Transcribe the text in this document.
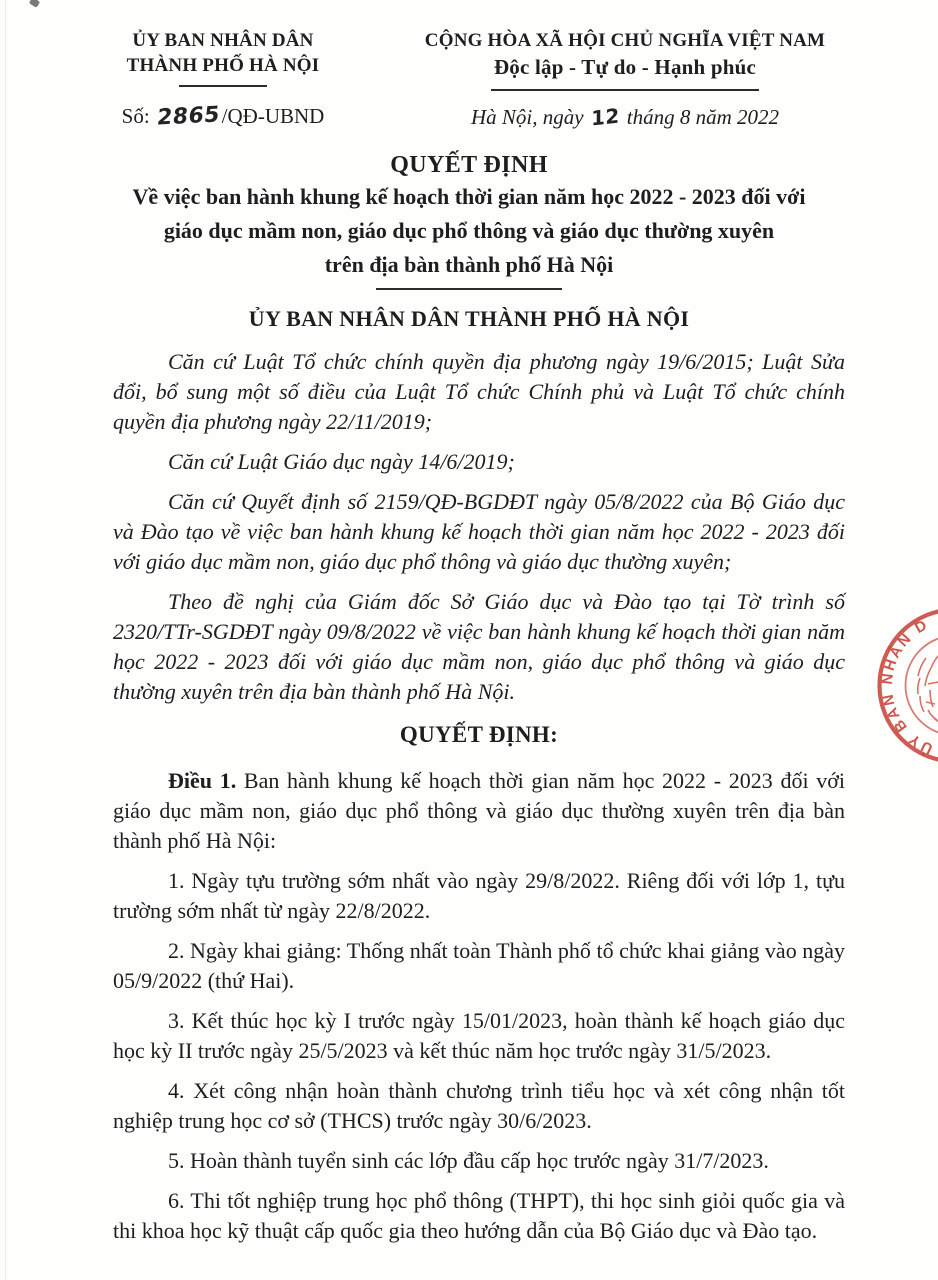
ỦY BAN NHÂN DÂN
THÀNH PHỐ HÀ NỘI
Số: 2865/QĐ-UBND
CỘNG HÒA XÃ HỘI CHỦ NGHĨA VIỆT NAM
Độc lập - Tự do - Hạnh phúc
Hà Nội, ngày 12 tháng 8 năm 2022
QUYẾT ĐỊNH
Về việc ban hành khung kế hoạch thời gian năm học 2022 - 2023 đối với
giáo dục mầm non, giáo dục phổ thông và giáo dục thường xuyên
trên địa bàn thành phố Hà Nội
ỦY BAN NHÂN DÂN THÀNH PHỐ HÀ NỘI

Căn cứ Luật Tổ chức chính quyền địa phương ngày 19/6/2015; Luật Sửa đổi, bổ sung một số điều của Luật Tổ chức Chính phủ và Luật Tổ chức chính quyền địa phương ngày 22/11/2019;

Căn cứ Luật Giáo dục ngày 14/6/2019;

Căn cứ Quyết định số 2159/QĐ-BGDĐT ngày 05/8/2022 của Bộ Giáo dục và Đào tạo về việc ban hành khung kế hoạch thời gian năm học 2022 - 2023 đối với giáo dục mầm non, giáo dục phổ thông và giáo dục thường xuyên;

Theo đề nghị của Giám đốc Sở Giáo dục và Đào tạo tại Tờ trình số 2320/TTr-SGDĐT ngày 09/8/2022 về việc ban hành khung kế hoạch thời gian năm học 2022 - 2023 đối với giáo dục mầm non, giáo dục phổ thông và giáo dục thường xuyên trên địa bàn thành phố Hà Nội.

QUYẾT ĐỊNH:

Điều 1. Ban hành khung kế hoạch thời gian năm học 2022 - 2023 đối với giáo dục mầm non, giáo dục phổ thông và giáo dục thường xuyên trên địa bàn thành phố Hà Nội:

1. Ngày tựu trường sớm nhất vào ngày 29/8/2022. Riêng đối với lớp 1, tựu trường sớm nhất từ ngày 22/8/2022.

2. Ngày khai giảng: Thống nhất toàn Thành phố tổ chức khai giảng vào ngày 05/9/2022 (thứ Hai).

3. Kết thúc học kỳ I trước ngày 15/01/2023, hoàn thành kế hoạch giáo dục học kỳ II trước ngày 25/5/2023 và kết thúc năm học trước ngày 31/5/2023.

4. Xét công nhận hoàn thành chương trình tiểu học và xét công nhận tốt nghiệp trung học cơ sở (THCS) trước ngày 30/6/2023.

5. Hoàn thành tuyển sinh các lớp đầu cấp học trước ngày 31/7/2023.

6. Thi tốt nghiệp trung học phổ thông (THPT), thi học sinh giỏi quốc gia và thi khoa học kỹ thuật cấp quốc gia theo hướng dẫn của Bộ Giáo dục và Đào tạo.

ỦY BAN NHÂN D
